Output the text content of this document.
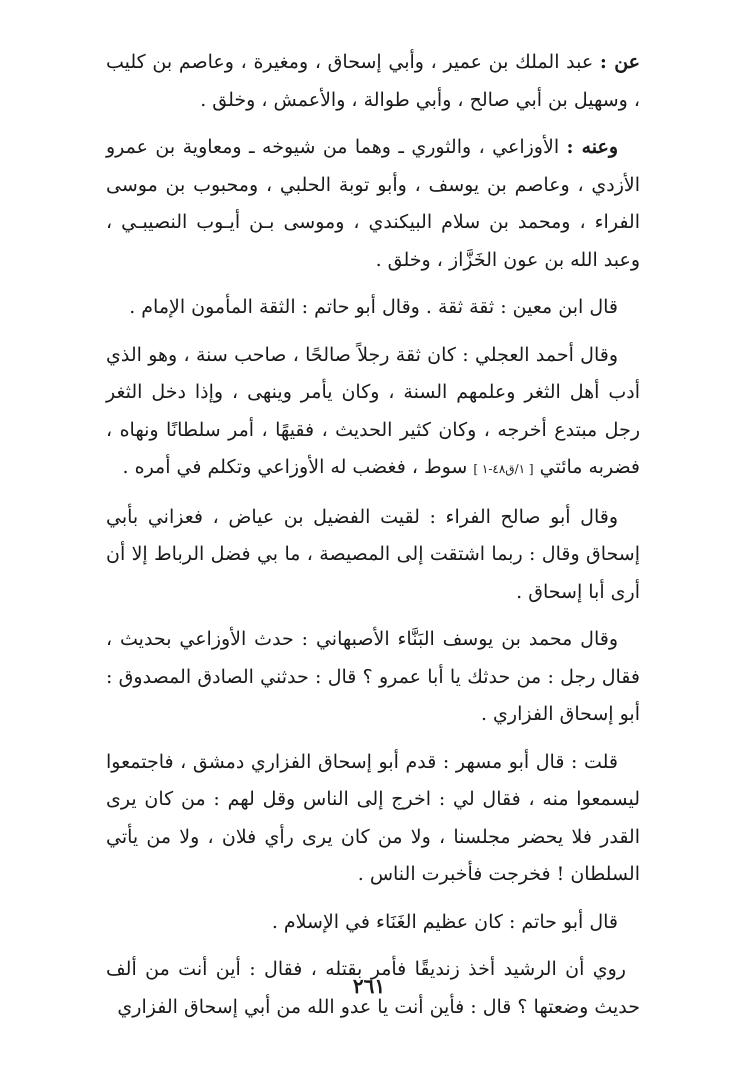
عن : عبد الملك بن عمير ، وأبي إسحاق ، ومغيرة ، وعاصم بن كليب ، وسهيل بن أبي صالح ، وأبي طوالة ، والأعمش ، وخلق .

وعنه : الأوزاعي ، والثوري ـ وهما من شيوخه ـ ومعاوية بن عمرو الأزدي ، وعاصم بن يوسف ، وأبو توبة الحلبي ، ومحبوب بن موسى الفراء ، ومحمد بن سلام البيكندي ، وموسى بـن أيـوب النصيبـي ، وعبد الله بن عون الخَزَّاز ، وخلق .

قال ابن معين : ثقة ثقة . وقال أبو حاتم : الثقة المأمون الإمام .

وقال أحمد العجلي : كان ثقة رجلاً صالحًا ، صاحب سنة ، وهو الذي أدب أهل الثغر وعلمهم السنة ، وكان يأمر وينهى ، وإذا دخل الثغر رجل مبتدع أخرجه ، وكان كثير الحديث ، فقيهًا ، أمر سلطانًا ونهاه ، فضربه مائتي [ ١/ق٤٨-١ ] سوط ، فغضب له الأوزاعي وتكلم في أمره .

وقال أبو صالح الفراء : لقيت الفضيل بن عياض ، فعزاني بأبي إسحاق وقال : ربما اشتقت إلى المصيصة ، ما بي فضل الرباط إلا أن أرى أبا إسحاق .

وقال محمد بن يوسف البَنَّاء الأصبهاني : حدث الأوزاعي بحديث ، فقال رجل : من حدثك يا أبا عمرو ؟ قال : حدثني الصادق المصدوق : أبو إسحاق الفزاري .

قلت : قال أبو مسهر : قدم أبو إسحاق الفزاري دمشق ، فاجتمعوا ليسمعوا منه ، فقال لي : اخرج إلى الناس وقل لهم : من كان يرى القدر فلا يحضر مجلسنا ، ولا من كان يرى رأي فلان ، ولا من يأتي السلطان ! فخرجت فأخبرت الناس .

قال أبو حاتم : كان عظيم الغَنَاء في الإسلام .

روي أن الرشيد أخذ زنديقًا فأمر بقتله ، فقال : أين أنت من ألف حديث وضعتها ؟ قال : فأين أنت يا عدو الله من أبي إسحاق الفزاري

٢٦١
